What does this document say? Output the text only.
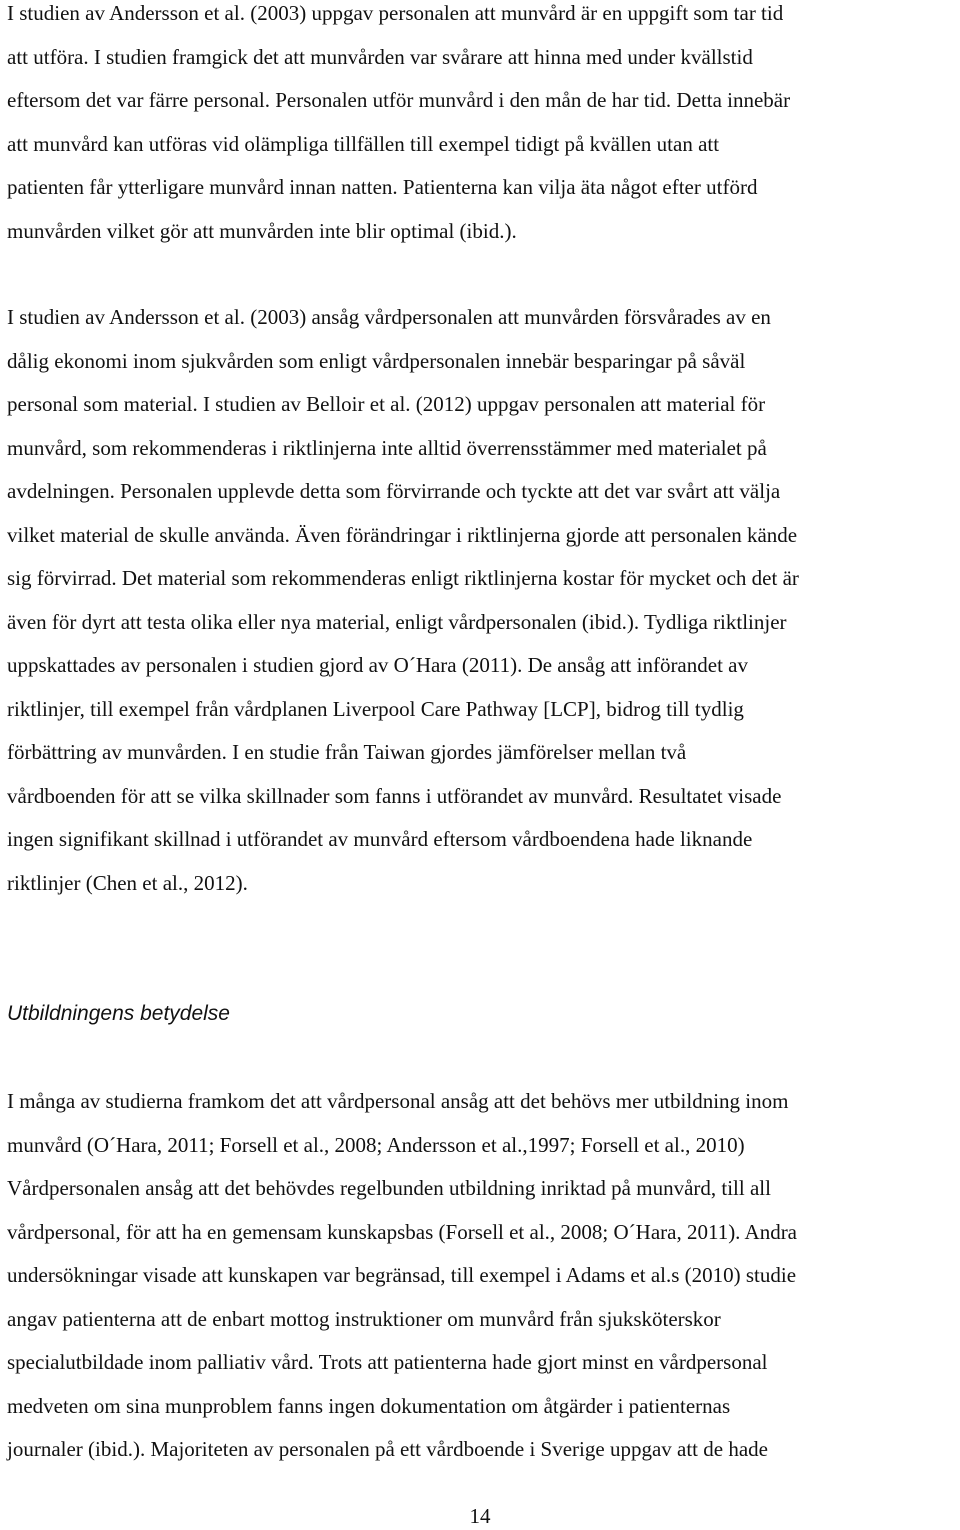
I studien av Andersson et al. (2003) uppgav personalen att munvård är en uppgift som tar tid
att utföra. I studien framgick det att munvården var svårare att hinna med under kvällstid
eftersom det var färre personal. Personalen utför munvård i den mån de har tid. Detta innebär
att munvård kan utföras vid olämpliga tillfällen till exempel tidigt på kvällen utan att
patienten får ytterligare munvård innan natten. Patienterna kan vilja äta något efter utförd
munvården vilket gör att munvården inte blir optimal (ibid.).
I studien av Andersson et al. (2003) ansåg vårdpersonalen att munvården försvårades av en
dålig ekonomi inom sjukvården som enligt vårdpersonalen innebär besparingar på såväl
personal som material. I studien av Belloir et al. (2012) uppgav personalen att material för
munvård, som rekommenderas i riktlinjerna inte alltid överrensstämmer med materialet på
avdelningen. Personalen upplevde detta som förvirrande och tyckte att det var svårt att välja
vilket material de skulle använda. Även förändringar i riktlinjerna gjorde att personalen kände
sig förvirrad. Det material som rekommenderas enligt riktlinjerna kostar för mycket och det är
även för dyrt att testa olika eller nya material, enligt vårdpersonalen (ibid.). Tydliga riktlinjer
uppskattades av personalen i studien gjord av O´Hara (2011). De ansåg att införandet av
riktlinjer, till exempel från vårdplanen Liverpool Care Pathway [LCP], bidrog till tydlig
förbättring av munvården. I en studie från Taiwan gjordes jämförelser mellan två
vårdboenden för att se vilka skillnader som fanns i utförandet av munvård. Resultatet visade
ingen signifikant skillnad i utförandet av munvård eftersom vårdboendena hade liknande
riktlinjer (Chen et al., 2012).
Utbildningens betydelse
I många av studierna framkom det att vårdpersonal ansåg att det behövs mer utbildning inom
munvård (O´Hara, 2011; Forsell et al., 2008; Andersson et al.,1997; Forsell et al., 2010)
Vårdpersonalen ansåg att det behövdes regelbunden utbildning inriktad på munvård, till all
vårdpersonal, för att ha en gemensam kunskapsbas (Forsell et al., 2008; O´Hara, 2011). Andra
undersökningar visade att kunskapen var begränsad, till exempel i Adams et al.s (2010) studie
angav patienterna att de enbart mottog instruktioner om munvård från sjuksköterskor
specialutbildade inom palliativ vård. Trots att patienterna hade gjort minst en vårdpersonal
medveten om sina munproblem fanns ingen dokumentation om åtgärder i patienternas
journaler (ibid.). Majoriteten av personalen på ett vårdboende i Sverige uppgav att de hade
14
